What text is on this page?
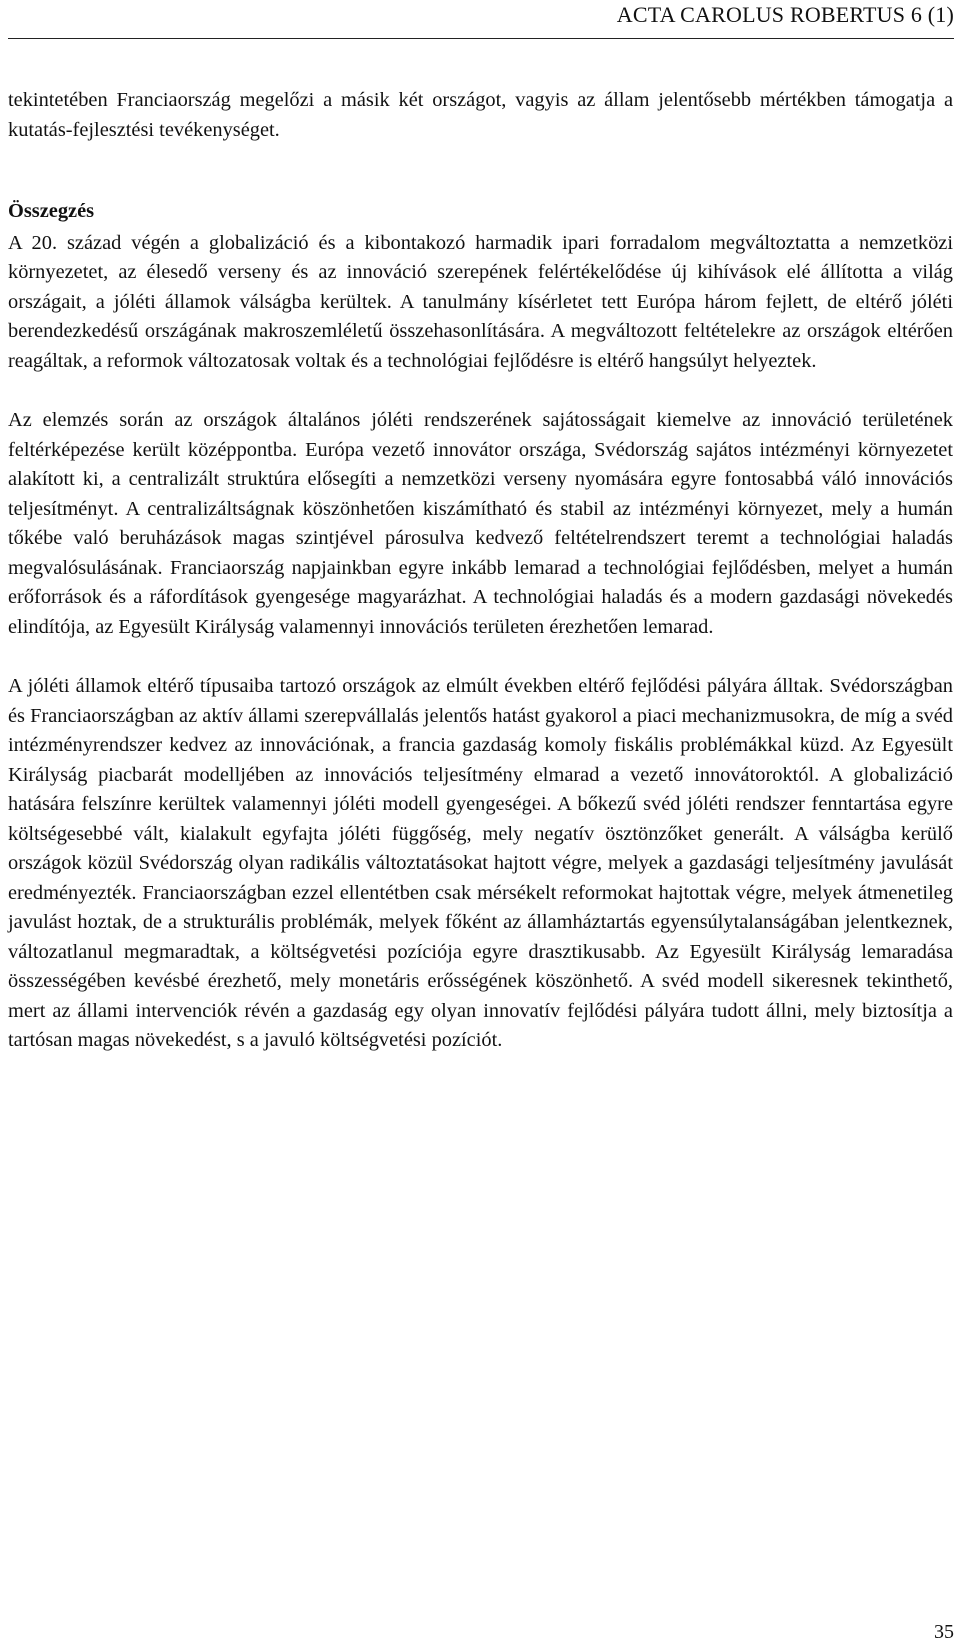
ACTA CAROLUS ROBERTUS 6 (1)

tekintetében Franciaország megelőzi a másik két országot, vagyis az állam jelentősebb mértékben támogatja a kutatás-fejlesztési tevékenységet.

Összegzés

A 20. század végén a globalizáció és a kibontakozó harmadik ipari forradalom megváltoztatta a nemzetközi környezetet, az élesedő verseny és az innováció szerepének felértékelődése új kihívások elé állította a világ országait, a jóléti államok válságba kerültek. A tanulmány kísérletet tett Európa három fejlett, de eltérő jóléti berendezkedésű országának makroszemléletű összehasonlítására. A megváltozott feltételekre az országok eltérően reagáltak, a reformok változatosak voltak és a technológiai fejlődésre is eltérő hangsúlyt helyeztek.

Az elemzés során az országok általános jóléti rendszerének sajátosságait kiemelve az innováció területének feltérképezése került középpontba. Európa vezető innovátor országa, Svédország sajátos intézményi környezetet alakított ki, a centralizált struktúra elősegíti a nemzetközi verseny nyomására egyre fontosabbá váló innovációs teljesítményt. A centralizáltságnak köszönhetően kiszámítható és stabil az intézményi környezet, mely a humán tőkébe való beruházások magas szintjével párosulva kedvező feltételrendszert teremt a technológiai haladás megvalósulásának. Franciaország napjainkban egyre inkább lemarad a technológiai fejlődésben, melyet a humán erőforrások és a ráfordítások gyengesége magyarázhat. A technológiai haladás és a modern gazdasági növekedés elindítója, az Egyesült Királyság valamennyi innovációs területen érezhetően lemarad.

A jóléti államok eltérő típusaiba tartozó országok az elmúlt években eltérő fejlődési pályára álltak. Svédországban és Franciaországban az aktív állami szerepvállalás jelentős hatást gyakorol a piaci mechanizmusokra, de míg a svéd intézményrendszer kedvez az innovációnak, a francia gazdaság komoly fiskális problémákkal küzd. Az Egyesült Királyság piacbarát modelljében az innovációs teljesítmény elmarad a vezető innovátoroktól. A globalizáció hatására felszínre kerültek valamennyi jóléti modell gyengeségei. A bőkezű svéd jóléti rendszer fenntartása egyre költségesebbé vált, kialakult egyfajta jóléti függőség, mely negatív ösztönzőket generált. A válságba kerülő országok közül Svédország olyan radikális változtatásokat hajtott végre, melyek a gazdasági teljesítmény javulását eredményezték. Franciaországban ezzel ellentétben csak mérsékelt reformokat hajtottak végre, melyek átmenetileg javulást hoztak, de a strukturális problémák, melyek főként az államháztartás egyensúlytalanságában jelentkeznek, változatlanul megmaradtak, a költségvetési pozíciója egyre drasztikusabb. Az Egyesült Királyság lemaradása összességében kevésbé érezhető, mely monetáris erősségének köszönhető. A svéd modell sikeresnek tekinthető, mert az állami intervenciók révén a gazdaság egy olyan innovatív fejlődési pályára tudott állni, mely biztosítja a tartósan magas növekedést, s a javuló költségvetési pozíciót.

35
